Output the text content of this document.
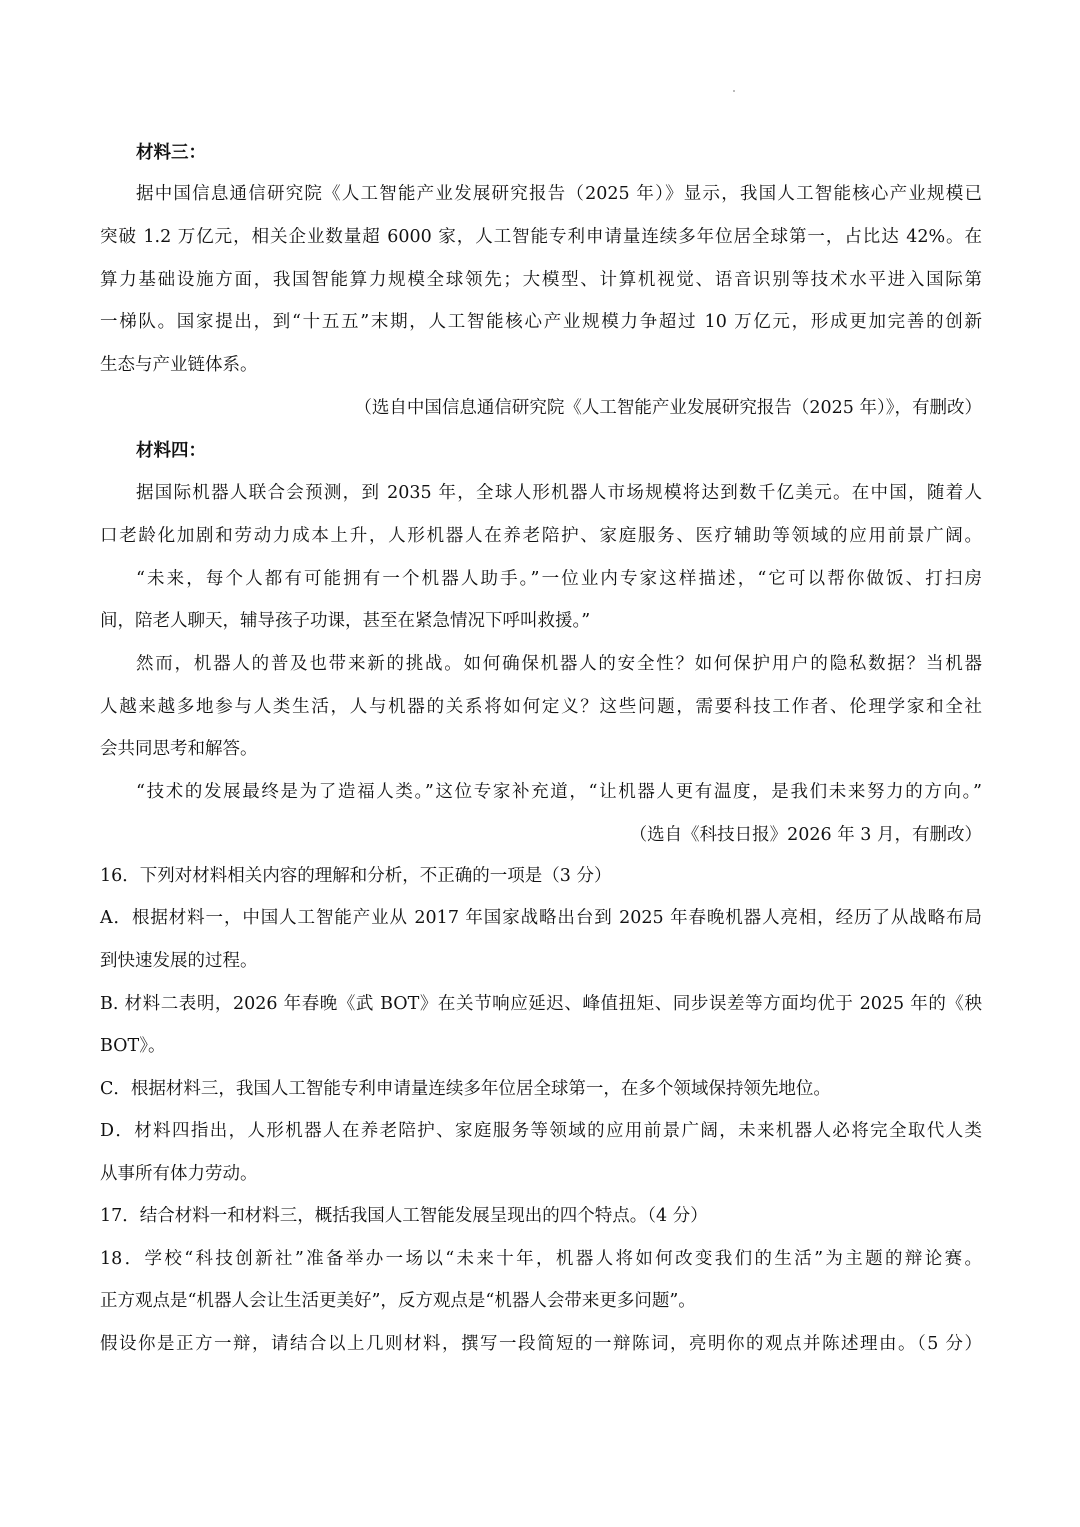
材料三：
据中国信息通信研究院《人工智能产业发展研究报告（2025 年）》显示，我国人工智能核心产业规模已
突破 1.2 万亿元，相关企业数量超 6000 家，人工智能专利申请量连续多年位居全球第一，占比达 42%。在
算力基础设施方面，我国智能算力规模全球领先；大模型、计算机视觉、语音识别等技术水平进入国际第
一梯队。国家提出，到“十五五”末期，人工智能核心产业规模力争超过 10 万亿元，形成更加完善的创新
生态与产业链体系。
（选自中国信息通信研究院《人工智能产业发展研究报告（2025 年）》，有删改）
材料四：
据国际机器人联合会预测，到 2035 年，全球人形机器人市场规模将达到数千亿美元。在中国，随着人
口老龄化加剧和劳动力成本上升，人形机器人在养老陪护、家庭服务、医疗辅助等领域的应用前景广阔。
“未来，每个人都有可能拥有一个机器人助手。”一位业内专家这样描述，“它可以帮你做饭、打扫房
间，陪老人聊天，辅导孩子功课，甚至在紧急情况下呼叫救援。”
然而，机器人的普及也带来新的挑战。如何确保机器人的安全性？如何保护用户的隐私数据？当机器
人越来越多地参与人类生活，人与机器的关系将如何定义？这些问题，需要科技工作者、伦理学家和全社
会共同思考和解答。
“技术的发展最终是为了造福人类。”这位专家补充道，“让机器人更有温度，是我们未来努力的方向。”
（选自《科技日报》2026 年 3 月，有删改）
16．下列对材料相关内容的理解和分析，不正确的一项是（3 分）
A．根据材料一，中国人工智能产业从 2017 年国家战略出台到 2025 年春晚机器人亮相，经历了从战略布局
到快速发展的过程。
B. 材料二表明，2026 年春晚《武 BOT》在关节响应延迟、峰值扭矩、同步误差等方面均优于 2025 年的《秧
BOT》。
C．根据材料三，我国人工智能专利申请量连续多年位居全球第一，在多个领域保持领先地位。
D．材料四指出，人形机器人在养老陪护、家庭服务等领域的应用前景广阔，未来机器人必将完全取代人类
从事所有体力劳动。
17．结合材料一和材料三，概括我国人工智能发展呈现出的四个特点。（4 分）
18．学校“科技创新社”准备举办一场以“未来十年，机器人将如何改变我们的生活”为主题的辩论赛。
正方观点是“机器人会让生活更美好”，反方观点是“机器人会带来更多问题”。
假设你是正方一辩，请结合以上几则材料，撰写一段简短的一辩陈词，亮明你的观点并陈述理由。（5 分）
